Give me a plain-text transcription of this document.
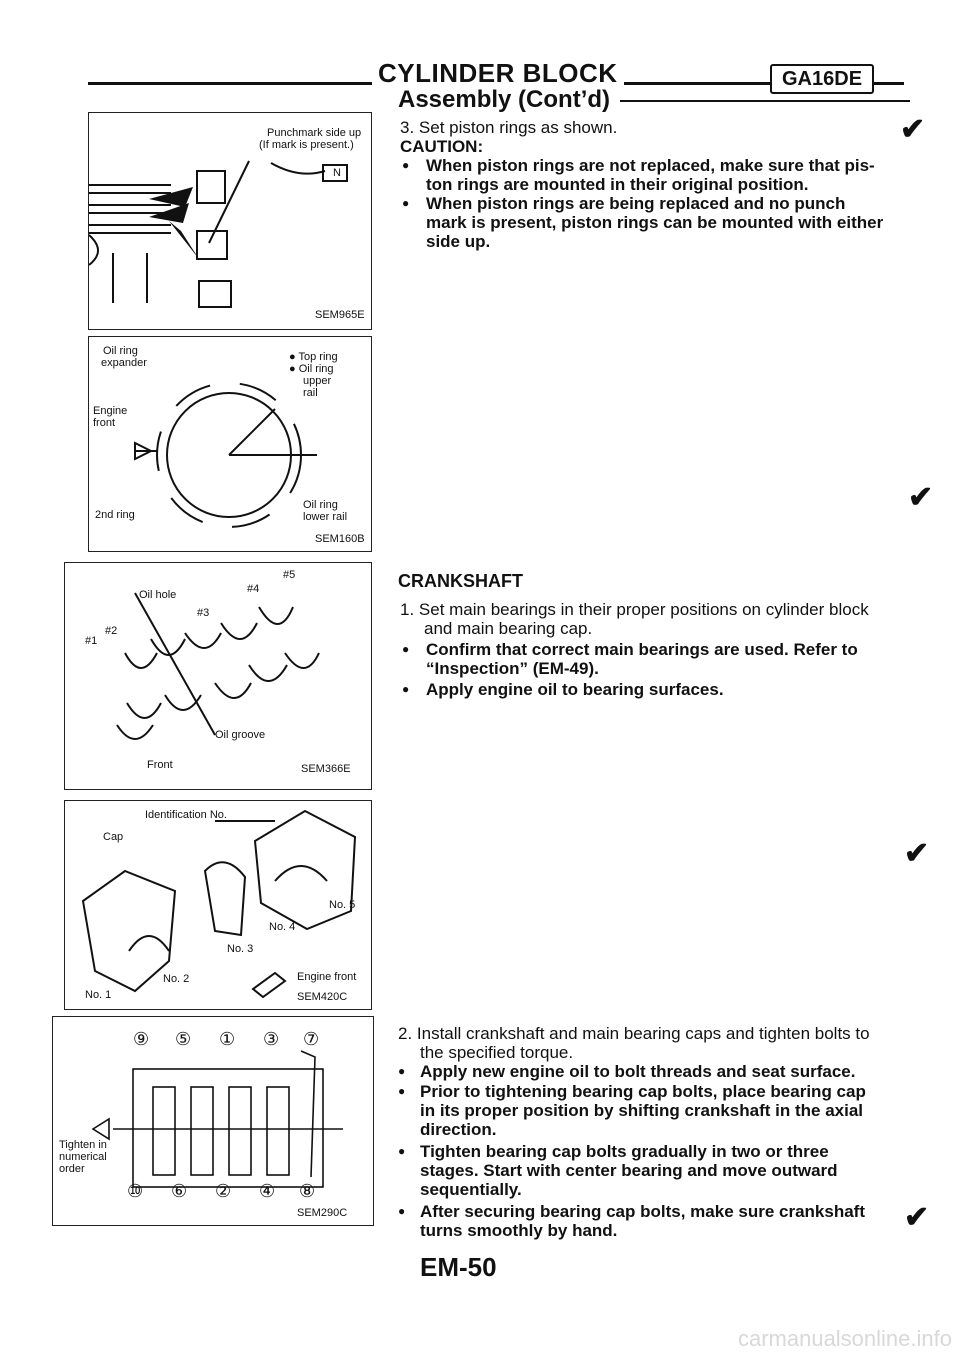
CYLINDER BLOCK	GA16DE
Assembly (Cont’d)
Punchmark side up
(If mark is present.)
N
SEM965E
Oil ring
expander
Engine
front
● Top ring
● Oil ring
upper
rail
2nd ring
Oil ring
lower rail
SEM160B
Oil hole
#1
#2
#3
#4
#5
Oil groove
Front	SEM366E
Identification No.
Cap
No. 1
No. 2
No. 3
No. 4
No. 5
Engine front
SEM420C
⑨ ⑤ ① ③ ⑦
⑩ ⑥ ② ④ ⑧
Tighten in
numerical
order
SEM290C
3. Set piston rings as shown.
CAUTION:
● When piston rings are not replaced, make sure that pis-
ton rings are mounted in their original position.
● When piston rings are being replaced and no punch
mark is present, piston rings can be mounted with either
side up.
CRANKSHAFT
1. Set main bearings in their proper positions on cylinder block
and main bearing cap.
● Confirm that correct main bearings are used. Refer to
“Inspection” (EM-49).
● Apply engine oil to bearing surfaces.
2. Install crankshaft and main bearing caps and tighten bolts to
the specified torque.
● Apply new engine oil to bolt threads and seat surface.
● Prior to tightening bearing cap bolts, place bearing cap
in its proper position by shifting crankshaft in the axial
direction.
● Tighten bearing cap bolts gradually in two or three
stages. Start with center bearing and move outward
sequentially.
● After securing bearing cap bolts, make sure crankshaft
turns smoothly by hand.
✔
✔
✔
✔
EM-50
carmanualsonline.info
